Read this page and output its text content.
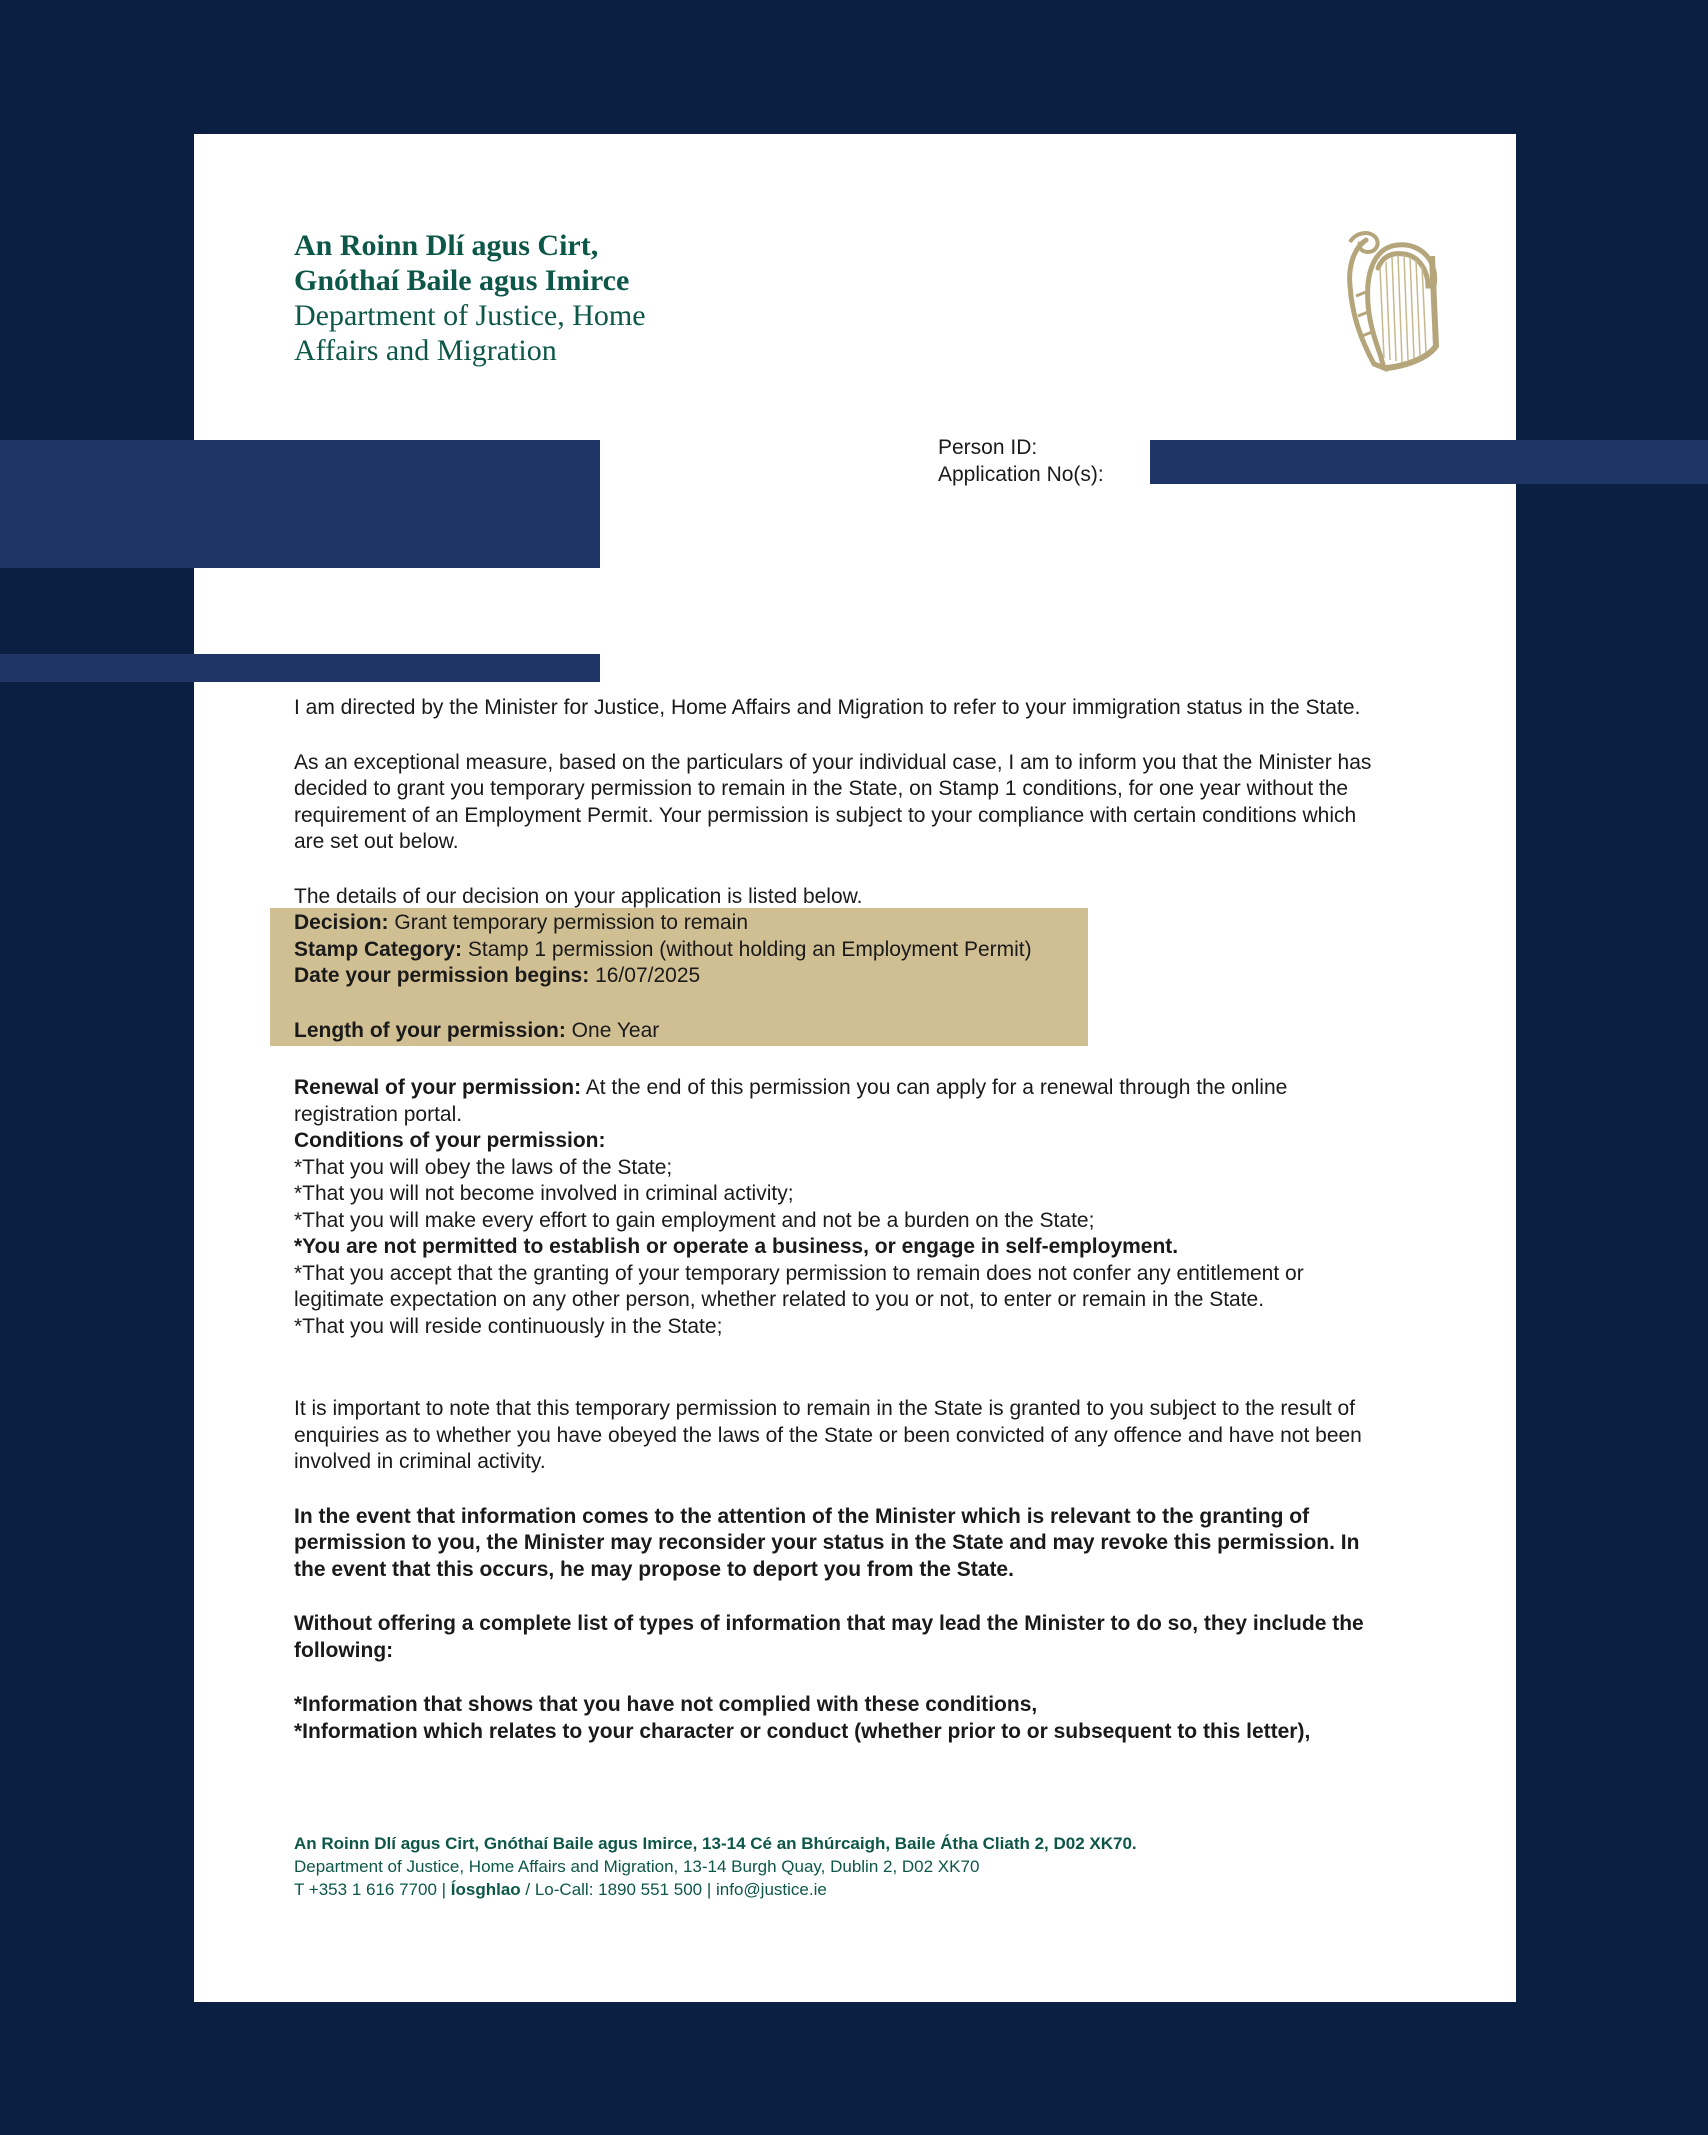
An Roinn Dlí agus Cirt,
Gnóthaí Baile agus Imirce
Department of Justice, Home
Affairs and Migration
Person ID:
Application No(s):

I am directed by the Minister for Justice, Home Affairs and Migration to refer to your immigration status in the State.

As an exceptional measure, based on the particulars of your individual case, I am to inform you that the Minister has

decided to grant you temporary permission to remain in the State, on Stamp 1 conditions, for one year without the

requirement of an Employment Permit. Your permission is subject to your compliance with certain conditions which

are set out below.

The details of our decision on your application is listed below.

Decision: Grant temporary permission to remain

Stamp Category: Stamp 1 permission (without holding an Employment Permit)

Date your permission begins: 16/07/2025

Length of your permission: One Year

Renewal of your permission: At the end of this permission you can apply for a renewal through the online

registration portal.

Conditions of your permission:

*That you will obey the laws of the State;

*That you will not become involved in criminal activity;

*That you will make every effort to gain employment and not be a burden on the State;

*You are not permitted to establish or operate a business, or engage in self-employment.

*That you accept that the granting of your temporary permission to remain does not confer any entitlement or

legitimate expectation on any other person, whether related to you or not, to enter or remain in the State.

*That you will reside continuously in the State;

It is important to note that this temporary permission to remain in the State is granted to you subject to the result of

enquiries as to whether you have obeyed the laws of the State or been convicted of any offence and have not been

involved in criminal activity.

In the event that information comes to the attention of the Minister which is relevant to the granting of

permission to you, the Minister may reconsider your status in the State and may revoke this permission. In

the event that this occurs, he may propose to deport you from the State.

Without offering a complete list of types of information that may lead the Minister to do so, they include the

following:

*Information that shows that you have not complied with these conditions,

*Information which relates to your character or conduct (whether prior to or subsequent to this letter),

An Roinn Dlí agus Cirt, Gnóthaí Baile agus Imirce, 13-14 Cé an Bhúrcaigh, Baile Átha Cliath 2, D02 XK70.
Department of Justice, Home Affairs and Migration, 13-14 Burgh Quay, Dublin 2, D02 XK70
T +353 1 616 7700 | Íosghlao / Lo-Call: 1890 551 500 | info@justice.ie
